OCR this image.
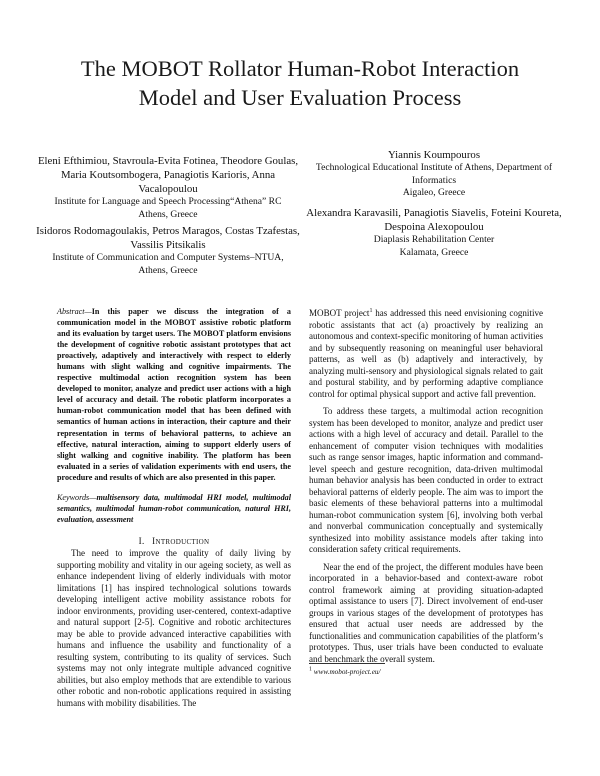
The MOBOT Rollator Human-Robot Interaction
Model and User Evaluation Process
Eleni Efthimiou, Stavroula-Evita Fotinea, Theodore Goulas, Maria Koutsombogera, Panagiotis Karioris, Anna Vacalopoulou
Institute for Language and Speech Processing“Athena” RC
Athens, Greece
Isidoros Rodomagoulakis, Petros Maragos, Costas Tzafestas, Vassilis Pitsikalis
Institute of Communication and Computer Systems–NTUA,
Athens, Greece
Yiannis Koumpouros
Technological Educational Institute of Athens, Department of Informatics
Aigaleo, Greece
Alexandra Karavasili, Panagiotis Siavelis, Foteini Koureta, Despoina Alexopoulou
Diaplasis Rehabilitation Center
Kalamata, Greece
Abstract—In this paper we discuss the integration of a communication model in the MOBOT assistive robotic platform and its evaluation by target users. The MOBOT platform envisions the development of cognitive robotic assistant prototypes that act proactively, adaptively and interactively with respect to elderly humans with slight walking and cognitive impairments. The respective multimodal action recognition system has been developed to monitor, analyze and predict user actions with a high level of accuracy and detail. The robotic platform incorporates a human-robot communication model that has been defined with semantics of human actions in interaction, their capture and their representation in terms of behavioral patterns, to achieve an effective, natural interaction, aiming to support elderly users of slight walking and cognitive inability. The platform has been evaluated in a series of validation experiments with end users, the procedure and results of which are also presented in this paper.
Keywords—multisensory data, multimodal HRI model, multimodal semantics, multimodal human-robot communication, natural HRI, evaluation, assessment
I. INTRODUCTION

The need to improve the quality of daily living by supporting mobility and vitality in our ageing society, as well as enhance independent living of elderly individuals with motor limitations [1] has inspired technological solutions towards developing intelligent active mobility assistance robots for indoor environments, providing user-centered, context-adaptive and natural support [2-5]. Cognitive and robotic architectures may be able to provide advanced interactive capabilities with humans and influence the usability and functionality of a resulting system, contributing to its quality of services. Such systems may not only integrate multiple advanced cognitive abilities, but also employ methods that are extendible to various other robotic and non-robotic applications required in assisting humans with mobility disabilities. The

MOBOT project$^1$ has addressed this need envisioning cognitive robotic assistants that act (a) proactively by realizing an autonomous and context-specific monitoring of human activities and by subsequently reasoning on meaningful user behavioral patterns, as well as (b) adaptively and interactively, by analyzing multi-sensory and physiological signals related to gait and postural stability, and by performing adaptive compliance control for optimal physical support and active fall prevention.

To address these targets, a multimodal action recognition system has been developed to monitor, analyze and predict user actions with a high level of accuracy and detail. Parallel to the enhancement of computer vision techniques with modalities such as range sensor images, haptic information and command-level speech and gesture recognition, data-driven multimodal human behavior analysis has been conducted in order to extract behavioral patterns of elderly people. The aim was to import the basic elements of these behavioral patterns into a multimodal human-robot communication system [6], involving both verbal and nonverbal communication conceptually and systemically synthesized into mobility assistance models after taking into consideration safety critical requirements.

Near the end of the project, the different modules have been incorporated in a behavior-based and context-aware robot control framework aiming at providing situation-adapted optimal assistance to users [7]. Direct involvement of end-user groups in various stages of the development of prototypes has ensured that actual user needs are addressed by the functionalities and communication capabilities of the platform’s prototypes. Thus, user trials have been conducted to evaluate and benchmark the overall system.

$^1$ www.mobot-project.eu/
